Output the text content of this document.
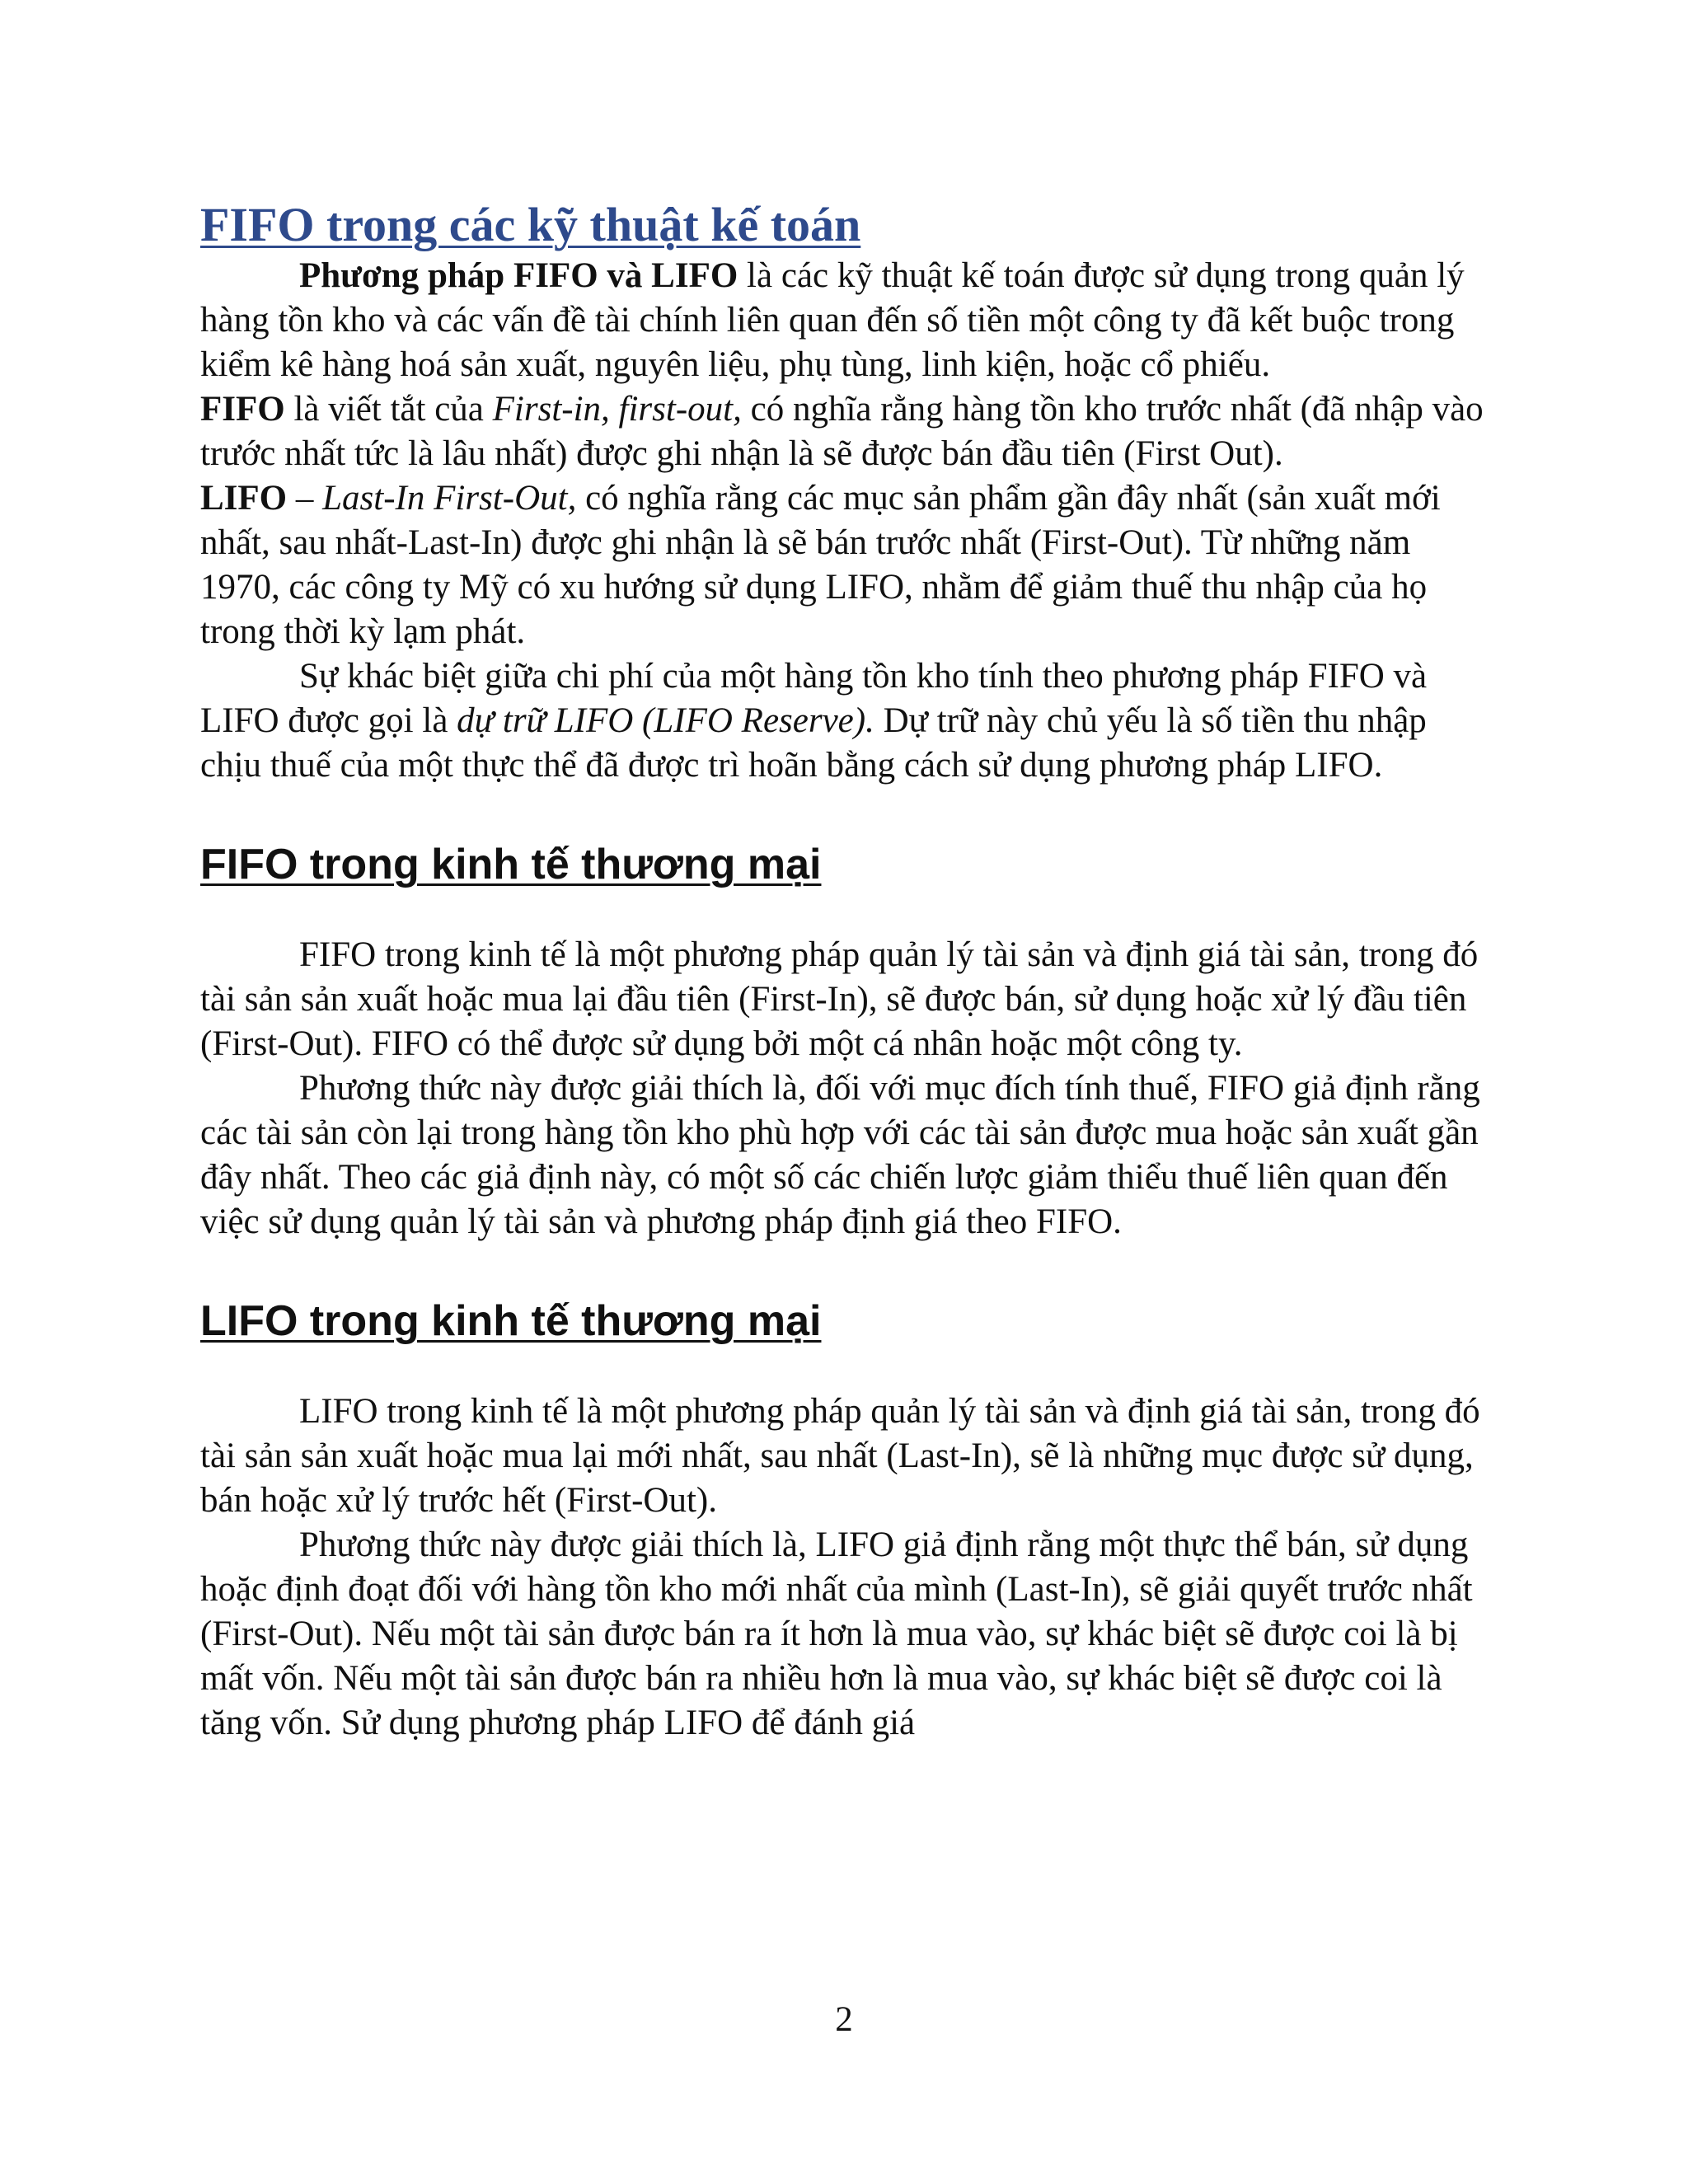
FIFO trong các kỹ thuật kế toán

Phương pháp FIFO và LIFO là các kỹ thuật kế toán được sử dụng trong quản lý hàng tồn kho và các vấn đề tài chính liên quan đến số tiền một công ty đã kết buộc trong kiểm kê hàng hoá sản xuất, nguyên liệu, phụ tùng, linh kiện, hoặc cổ phiếu.

FIFO là viết tắt của First-in, first-out, có nghĩa rằng hàng tồn kho trước nhất (đã nhập vào trước nhất tức là lâu nhất) được ghi nhận là sẽ được bán đầu tiên (First Out).

LIFO – Last-In First-Out, có nghĩa rằng các mục sản phẩm gần đây nhất (sản xuất mới nhất, sau nhất-Last-In) được ghi nhận là sẽ bán trước nhất (First-Out). Từ những năm 1970, các công ty Mỹ có xu hướng sử dụng LIFO, nhằm để giảm thuế thu nhập của họ trong thời kỳ lạm phát.

Sự khác biệt giữa chi phí của một hàng tồn kho tính theo phương pháp FIFO và LIFO được gọi là dự trữ LIFO (LIFO Reserve). Dự trữ này chủ yếu là số tiền thu nhập chịu thuế của một thực thể đã được trì hoãn bằng cách sử dụng phương pháp LIFO.

FIFO trong kinh tế thương mại

FIFO trong kinh tế là một phương pháp quản lý tài sản và định giá tài sản, trong đó tài sản sản xuất hoặc mua lại đầu tiên (First-In), sẽ được bán, sử dụng hoặc xử lý đầu tiên (First-Out). FIFO có thể được sử dụng bởi một cá nhân hoặc một công ty.

Phương thức này được giải thích là, đối với mục đích tính thuế, FIFO giả định rằng các tài sản còn lại trong hàng tồn kho phù hợp với các tài sản được mua hoặc sản xuất gần đây nhất. Theo các giả định này, có một số các chiến lược giảm thiểu thuế liên quan đến việc sử dụng quản lý tài sản và phương pháp định giá theo FIFO.

LIFO trong kinh tế thương mại

LIFO trong kinh tế là một phương pháp quản lý tài sản và định giá tài sản, trong đó tài sản sản xuất hoặc mua lại mới nhất, sau nhất (Last-In), sẽ là những mục được sử dụng, bán hoặc xử lý trước hết (First-Out).

Phương thức này được giải thích là, LIFO giả định rằng một thực thể bán, sử dụng hoặc định đoạt đối với hàng tồn kho mới nhất của mình (Last-In), sẽ giải quyết trước nhất (First-Out). Nếu một tài sản được bán ra ít hơn là mua vào, sự khác biệt sẽ được coi là bị mất vốn. Nếu một tài sản được bán ra nhiều hơn là mua vào, sự khác biệt sẽ được coi là tăng vốn. Sử dụng phương pháp LIFO để đánh giá

2
